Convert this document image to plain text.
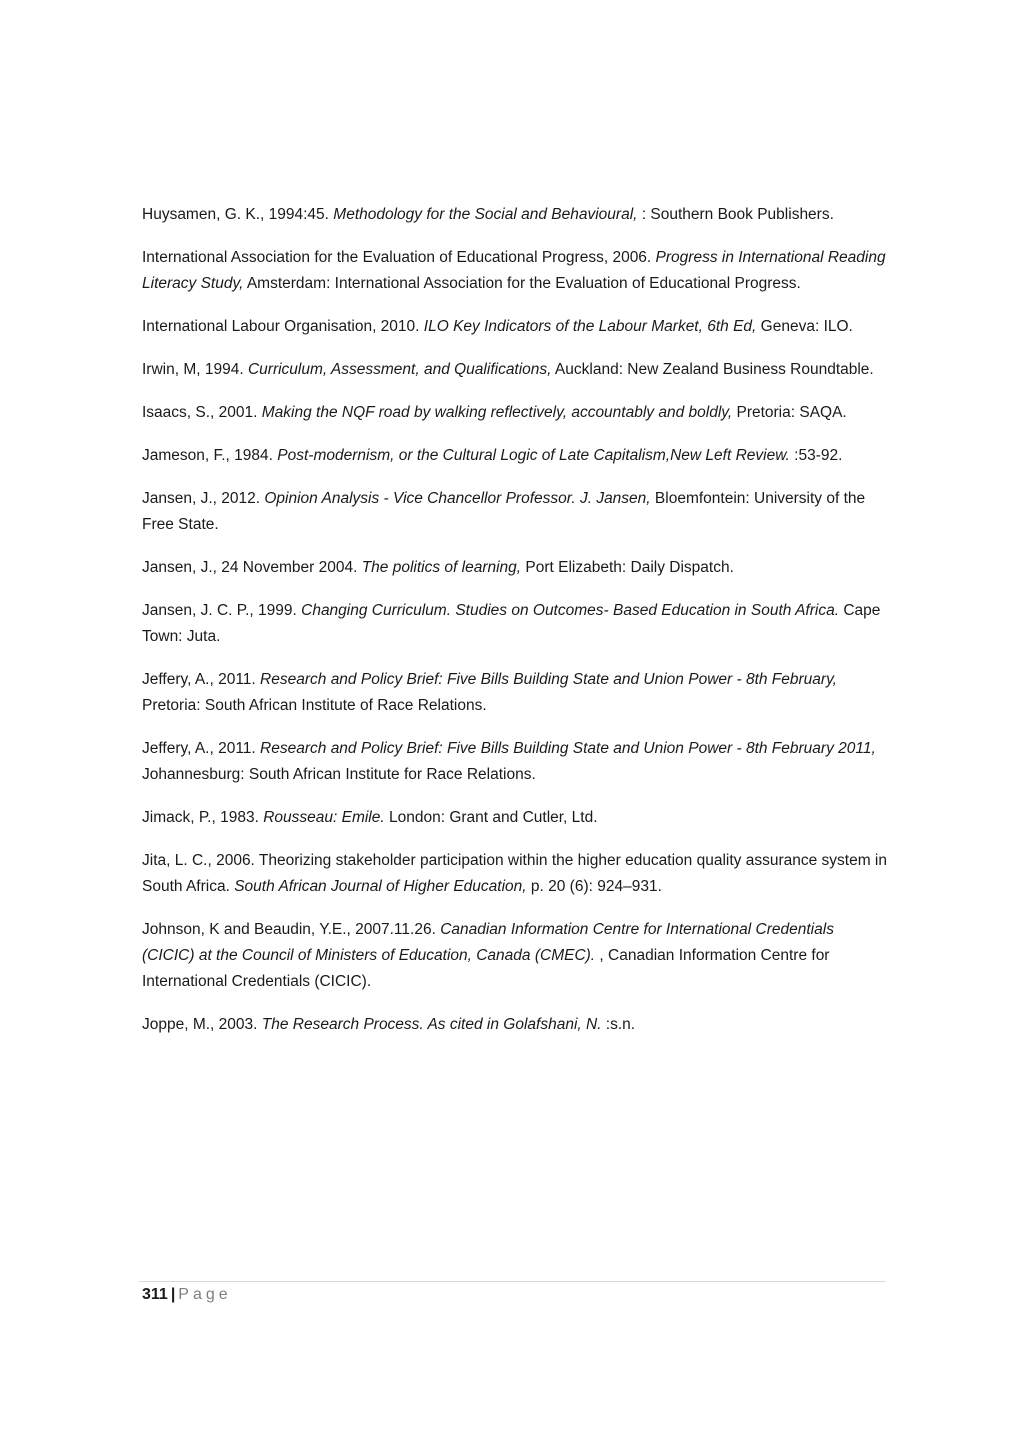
Huysamen, G. K., 1994:45. Methodology for the Social and Behavioural, : Southern Book Publishers.
International Association for the Evaluation of Educational Progress, 2006. Progress in International Reading Literacy Study, Amsterdam: International Association for the Evaluation of Educational Progress.
International Labour Organisation, 2010. ILO Key Indicators of the Labour Market, 6th Ed, Geneva: ILO.
Irwin, M, 1994. Curriculum, Assessment, and Qualifications, Auckland: New Zealand Business Roundtable.
Isaacs, S., 2001. Making the NQF road by walking reflectively, accountably and boldly, Pretoria: SAQA.
Jameson, F., 1984. Post-modernism, or the Cultural Logic of Late Capitalism,New Left Review. :53-92.
Jansen, J., 2012. Opinion Analysis - Vice Chancellor Professor. J. Jansen, Bloemfontein: University of the Free State.
Jansen, J., 24 November 2004. The politics of learning, Port Elizabeth: Daily Dispatch.
Jansen, J. C. P., 1999. Changing Curriculum. Studies on Outcomes- Based Education in South Africa. Cape Town: Juta.
Jeffery, A., 2011. Research and Policy Brief: Five Bills Building State and Union Power - 8th February, Pretoria: South African Institute of Race Relations.
Jeffery, A., 2011. Research and Policy Brief: Five Bills Building State and Union Power - 8th February 2011, Johannesburg: South African Institute for Race Relations.
Jimack, P., 1983. Rousseau: Emile. London: Grant and Cutler, Ltd.
Jita, L. C., 2006. Theorizing stakeholder participation within the higher education quality assurance system in South Africa. South African Journal of Higher Education, p. 20 (6): 924–931.
Johnson, K and Beaudin, Y.E., 2007.11.26. Canadian Information Centre for International Credentials (CICIC) at the Council of Ministers of Education, Canada (CMEC). , Canadian Information Centre for International Credentials (CICIC).
Joppe, M., 2003. The Research Process. As cited in Golafshani, N. :s.n.
311 | Page
